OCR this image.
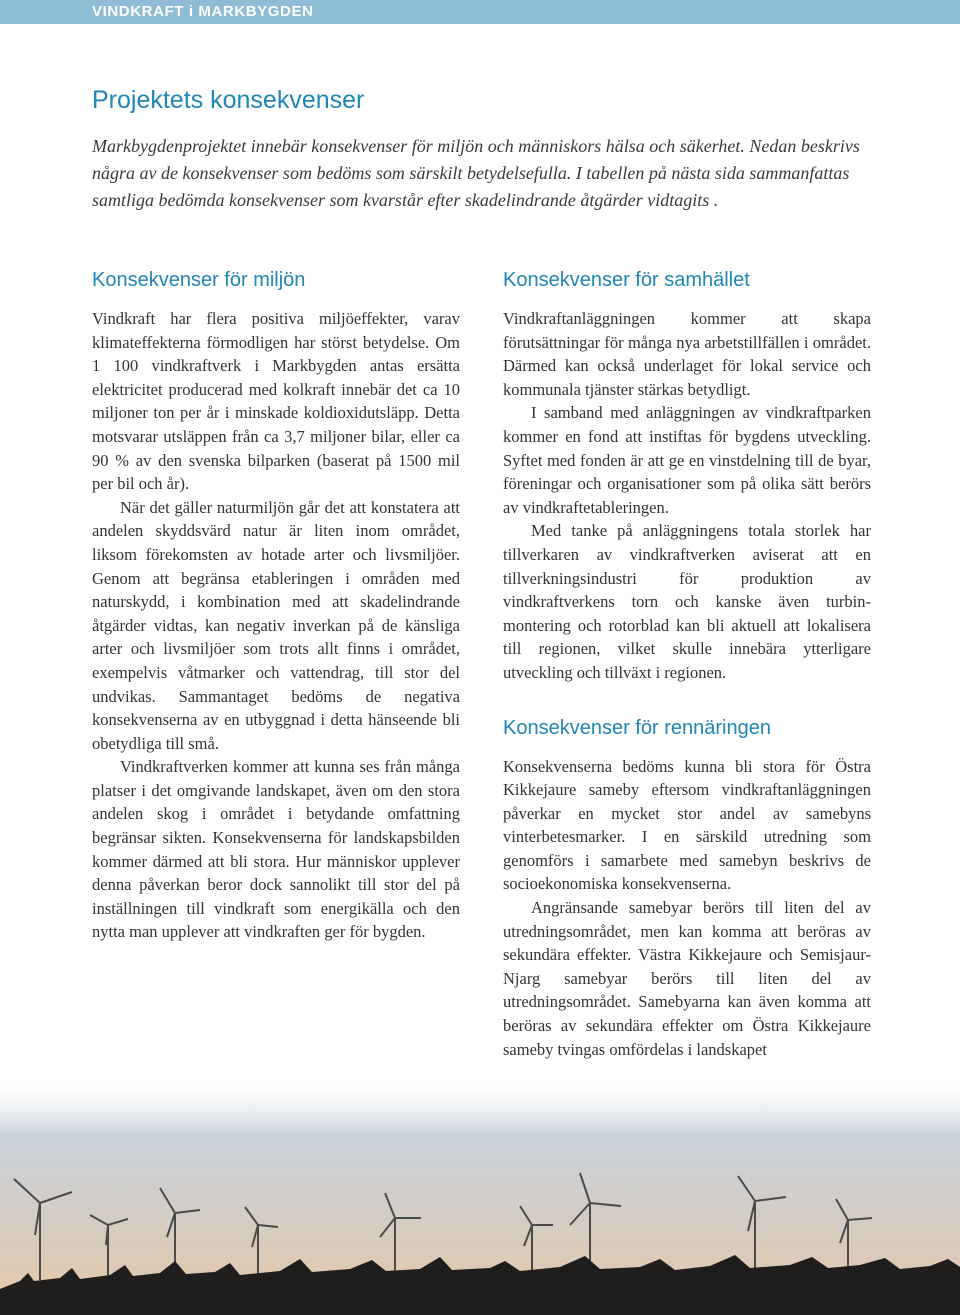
VINDKRAFT i MARKBYGDEN
Projektets konsekvenser

Markbygdenprojektet innebär konsekvenser för miljön och människors hälsa och säkerhet. Nedan beskrivs några av de konsekvenser som bedöms som särskilt betydelsefulla. I tabellen på nästa sida sammanfattas samtliga bedömda konsekvenser som kvarstår efter skadelindrande åtgärder vidtagits .

Konsekvenser för miljön

Vindkraft har flera positiva miljöeffekter, varav klimateffekterna förmodligen har störst betydelse. Om 1 100 vindkraftverk i Markbygden antas ersätta elektricitet producerad med kolkraft innebär det ca 10 miljoner ton per år i minskade koldioxidutsläpp. Detta motsvarar utsläppen från ca 3,7 miljoner bilar, eller ca 90 % av den svenska bilparken (baserat på 1500 mil per bil och år).

När det gäller naturmiljön går det att konstatera att andelen skyddsvärd natur är liten inom området, liksom förekomsten av hotade arter och livsmiljöer. Genom att begränsa etableringen i områden med naturskydd, i kombination med att skadelindrande åtgärder vidtas, kan negativ inverkan på de känsliga arter och livsmiljöer som trots allt finns i området, exempelvis våtmarker och vattendrag, till stor del undvikas. Sammantaget bedöms de negativa konsekvenserna av en utbyggnad i detta hänseende bli obetydliga till små.

Vindkraftverken kommer att kunna ses från många platser i det omgivande landskapet, även om den stora andelen skog i området i betydande omfattning begränsar sikten. Konsekvenserna för landskapsbilden kommer därmed att bli stora. Hur människor upplever denna påverkan beror dock sannolikt till stor del på inställningen till vindkraft som energikälla och den nytta man upplever att vindkraften ger för bygden.

Konsekvenser för samhället

Vindkraftanläggningen kommer att skapa förutsättningar för många nya arbetstillfällen i området. Därmed kan också underlaget för lokal service och kommunala tjänster stärkas betydligt.

I samband med anläggningen av vindkraftparken kommer en fond att instiftas för bygdens utveckling. Syftet med fonden är att ge en vinstdelning till de byar, föreningar och organisationer som på olika sätt berörs av vindkraftetableringen.

Med tanke på anläggningens totala storlek har tillverkaren av vindkraftverken aviserat att en tillverkningsindustri för produktion av vindkraftverkens torn och kanske även turbin-montering och rotorblad kan bli aktuell att lokalisera till regionen, vilket skulle innebära ytterligare utveckling och tillväxt i regionen.

Konsekvenser för rennäringen

Konsekvenserna bedöms kunna bli stora för Östra Kikkejaure sameby eftersom vindkraftanläggningen påverkar en mycket stor andel av samebyns vinterbetesmarker. I en särskild utredning som genomförs i samarbete med samebyn beskrivs de socioekonomiska konsekvenserna.

Angränsande samebyar berörs till liten del av utredningsområdet, men kan komma att beröras av sekundära effekter. Västra Kikkejaure och Semisjaur-Njarg samebyar berörs till liten del av utredningsområdet. Samebyarna kan även komma att beröras av sekundära effekter om Östra Kikkejaure sameby tvingas omfördelas i landskapet
